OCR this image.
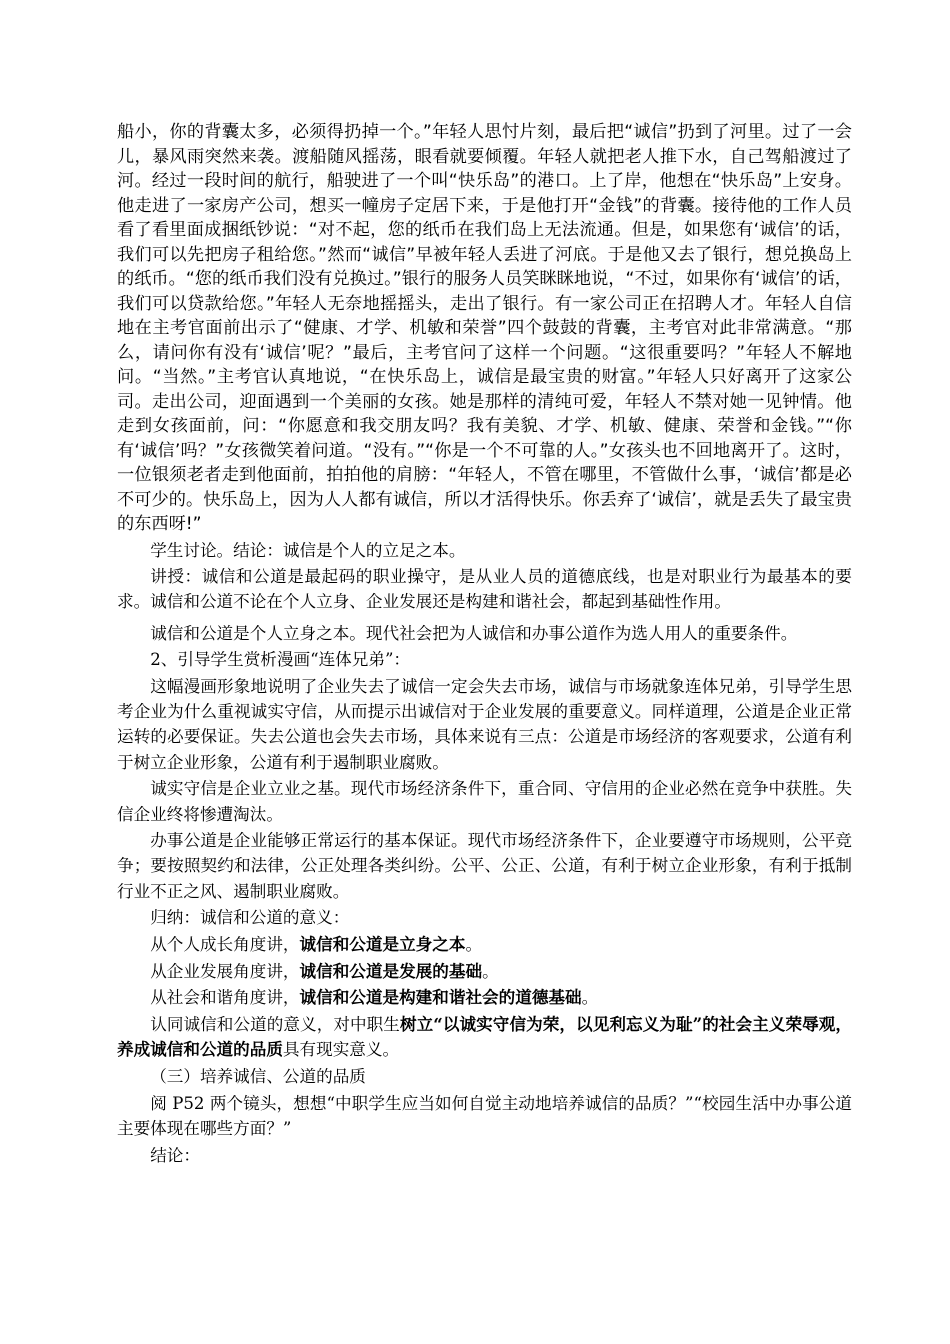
船小，你的背囊太多，必须得扔掉一个。”年轻人思忖片刻，最后把“诚信”扔到了河里。过了一会儿，暴风雨突然来袭。渡船随风摇荡，眼看就要倾覆。年轻人就把老人推下水，自己驾船渡过了河。经过一段时间的航行，船驶进了一个叫“快乐岛”的港口。上了岸，他想在“快乐岛”上安身。他走进了一家房产公司，想买一幢房子定居下来，于是他打开“金钱”的背囊。接待他的工作人员看了看里面成捆纸钞说：“对不起，您的纸币在我们岛上无法流通。但是，如果您有‘诚信’的话，我们可以先把房子租给您。”然而“诚信”早被年轻人丢进了河底。于是他又去了银行，想兑换岛上的纸币。“您的纸币我们没有兑换过。”银行的服务人员笑眯眯地说，“不过，如果你有‘诚信’的话，我们可以贷款给您。”年轻人无奈地摇摇头，走出了银行。有一家公司正在招聘人才。年轻人自信地在主考官面前出示了“健康、才学、机敏和荣誉”四个鼓鼓的背囊，主考官对此非常满意。“那么，请问你有没有‘诚信’呢？”最后，主考官问了这样一个问题。“这很重要吗？”年轻人不解地问。“当然。”主考官认真地说，“在快乐岛上，诚信是最宝贵的财富。”年轻人只好离开了这家公司。走出公司，迎面遇到一个美丽的女孩。她是那样的清纯可爱，年轻人不禁对她一见钟情。他走到女孩面前，问：“你愿意和我交朋友吗？我有美貌、才学、机敏、健康、荣誉和金钱。”“你有‘诚信’吗？”女孩微笑着问道。“没有。”“你是一个不可靠的人。”女孩头也不回地离开了。这时，一位银须老者走到他面前，拍拍他的肩膀：“年轻人，不管在哪里，不管做什么事，‘诚信’都是必不可少的。快乐岛上，因为人人都有诚信，所以才活得快乐。你丢弃了‘诚信’，就是丢失了最宝贵的东西呀!”

学生讨论。结论：诚信是个人的立足之本。

讲授：诚信和公道是最起码的职业操守，是从业人员的道德底线，也是对职业行为最基本的要求。诚信和公道不论在个人立身、企业发展还是构建和谐社会，都起到基础性作用。

诚信和公道是个人立身之本。现代社会把为人诚信和办事公道作为选人用人的重要条件。

2、引导学生赏析漫画“连体兄弟”：

这幅漫画形象地说明了企业失去了诚信一定会失去市场，诚信与市场就象连体兄弟，引导学生思考企业为什么重视诚实守信，从而提示出诚信对于企业发展的重要意义。同样道理，公道是企业正常运转的必要保证。失去公道也会失去市场，具体来说有三点：公道是市场经济的客观要求，公道有利于树立企业形象，公道有利于遏制职业腐败。

诚实守信是企业立业之基。现代市场经济条件下，重合同、守信用的企业必然在竞争中获胜。失信企业终将惨遭淘汰。

办事公道是企业能够正常运行的基本保证。现代市场经济条件下，企业要遵守市场规则，公平竞争；要按照契约和法律，公正处理各类纠纷。公平、公正、公道，有利于树立企业形象，有利于抵制行业不正之风、遏制职业腐败。

归纳：诚信和公道的意义：

从个人成长角度讲，诚信和公道是立身之本。

从企业发展角度讲，诚信和公道是发展的基础。

从社会和谐角度讲，诚信和公道是构建和谐社会的道德基础。

认同诚信和公道的意义，对中职生树立“以诚实守信为荣，以见利忘义为耻”的社会主义荣辱观，养成诚信和公道的品质具有现实意义。

（三）培养诚信、公道的品质

阅 P52 两个镜头，想想“中职学生应当如何自觉主动地培养诚信的品质？”“校园生活中办事公道主要体现在哪些方面？”

结论：
